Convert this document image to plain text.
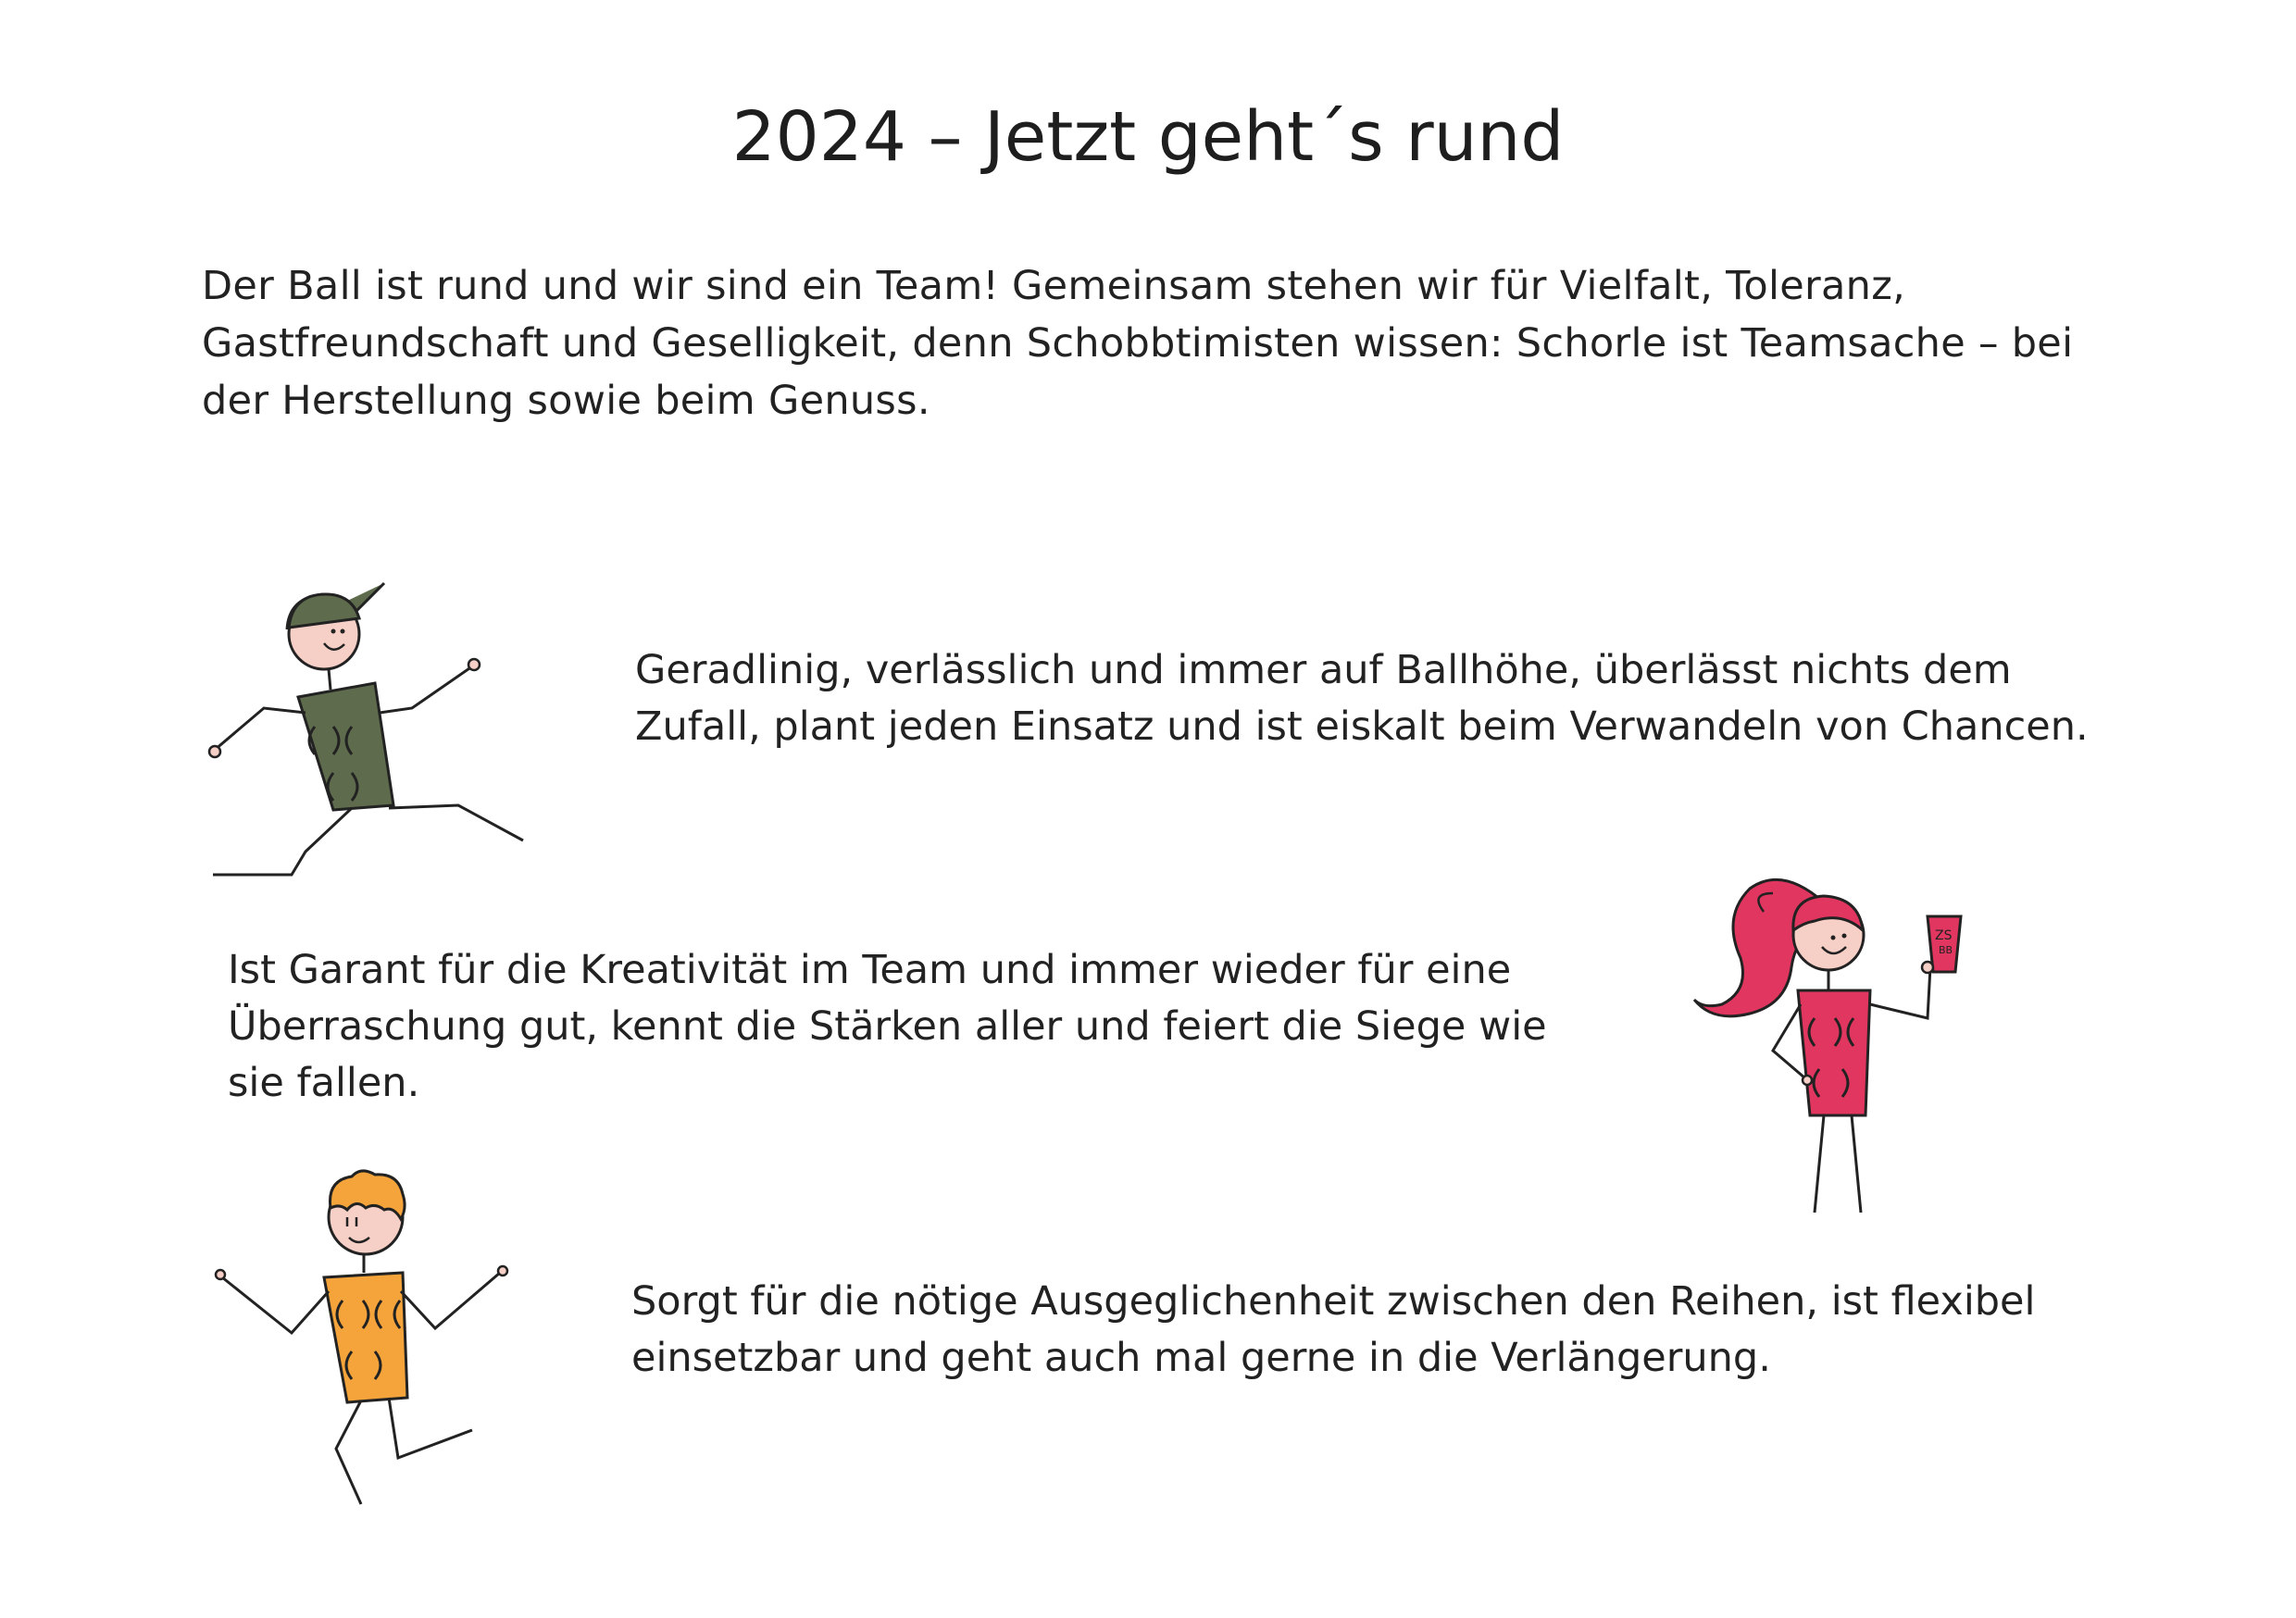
2024 – Jetzt geht´s rund

Der Ball ist rund und wir sind ein Team! Gemeinsam stehen wir für Vielfalt, Toleranz, Gastfreundschaft und Geselligkeit, denn Schobbtimisten wissen: Schorle ist Teamsache – bei der Herstellung sowie beim Genuss.

Geradlinig, verlässlich und immer auf Ballhöhe, überlässt nichts dem Zufall, plant jeden Einsatz und ist eiskalt beim Verwandeln von Chancen.

Ist Garant für die Kreativität im Team und immer wieder für eine Überraschung gut, kennt die Stärken aller und feiert die Siege wie sie fallen.

ZS
BB

Sorgt für die nötige Ausgeglichenheit zwischen den Reihen, ist flexibel einsetzbar und geht auch mal gerne in die Verlängerung.
